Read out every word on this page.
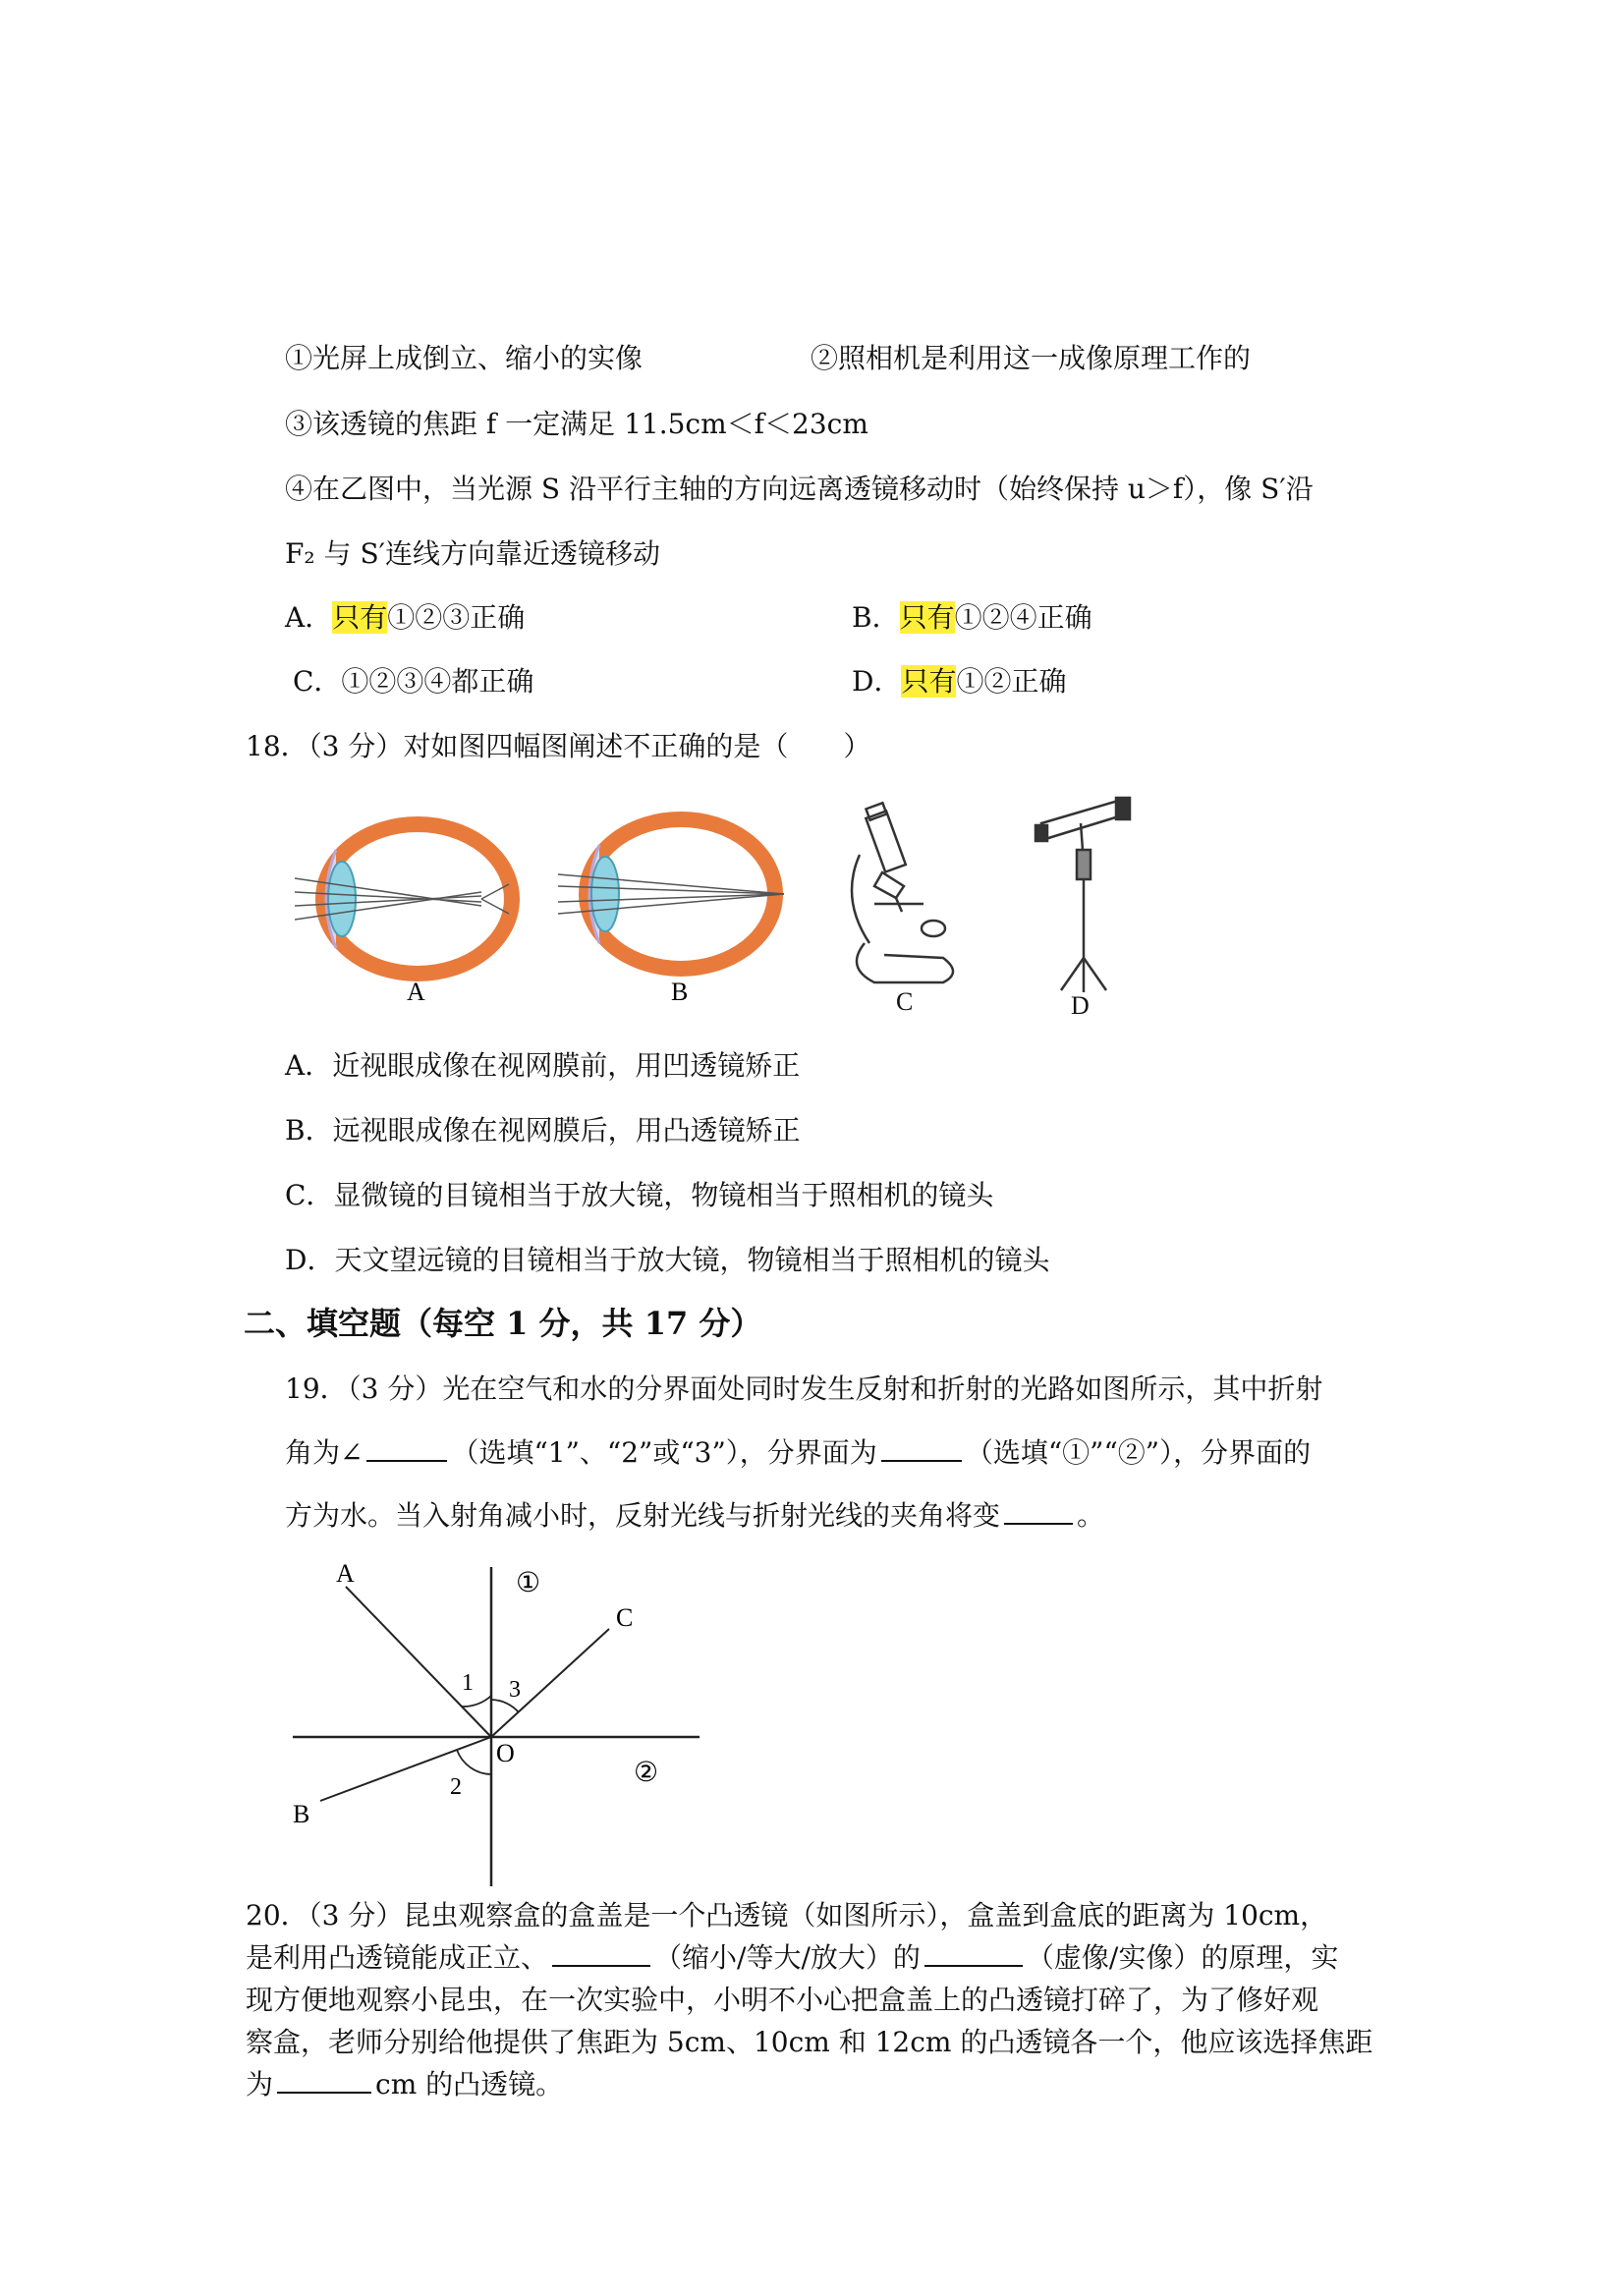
①光屏上成倒立、缩小的实像	②照相机是利用这一成像原理工作的
③该透镜的焦距 f 一定满足 11.5cm＜f＜23cm
④在乙图中，当光源 S 沿平行主轴的方向远离透镜移动时（始终保持 u＞f），像 S′沿
F₂ 与 S′连线方向靠近透镜移动
A．只有①②③正确	B．只有①②④正确
C．①②③④都正确	D．只有①②正确
18．（3 分）对如图四幅图阐述不正确的是（　　）
A	B	C	D
A．近视眼成像在视网膜前，用凹透镜矫正
B．远视眼成像在视网膜后，用凸透镜矫正
C．显微镜的目镜相当于放大镜，物镜相当于照相机的镜头
D．天文望远镜的目镜相当于放大镜，物镜相当于照相机的镜头
二、填空题（每空 1 分，共 17 分）
19．（3 分）光在空气和水的分界面处同时发生反射和折射的光路如图所示，其中折射
角为∠	（选填“1”、“2”或“3”），分界面为	（选填“①”“②”），分界面的
方为水。当入射角减小时，反射光线与折射光线的夹角将变	。
A
C
B
O
1 3
2
①
②
20．（3 分）昆虫观察盒的盒盖是一个凸透镜（如图所示），盒盖到盒底的距离为 10cm，
是利用凸透镜能成正立、	（缩小/等大/放大）的	（虚像/实像）的原理，实
现方便地观察小昆虫，在一次实验中，小明不小心把盒盖上的凸透镜打碎了，为了修好观
察盒，老师分别给他提供了焦距为 5cm、10cm 和 12cm 的凸透镜各一个，他应该选择焦距
为	cm 的凸透镜。
